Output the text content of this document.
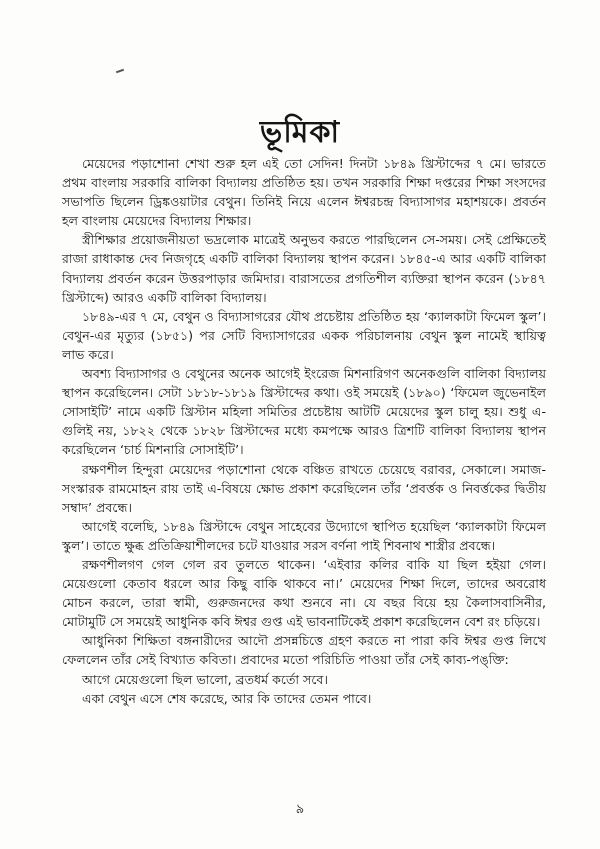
ভূমিকা

মেয়েদের পড়াশোনা শেখা শুরু হল এই তো সেদিন! দিনটা ১৮৪৯ খ্রিস্টাব্দের ৭ মে। ভারতে প্রথম বাংলায় সরকারি বালিকা বিদ্যালয় প্রতিষ্ঠিত হয়। তখন সরকারি শিক্ষা দপ্তরের শিক্ষা সংসদের সভাপতি ছিলেন ড্রিঙ্কওয়াটার বেথুন। তিনিই নিয়ে এলেন ঈশ্বরচন্দ্র বিদ্যাসাগর মহাশয়কে। প্রবর্তন হল বাংলায় মেয়েদের বিদ্যালয় শিক্ষার।

স্ত্রীশিক্ষার প্রয়োজনীয়তা ভদ্রলোক মাত্রেই অনুভব করতে পারছিলেন সে-সময়। সেই প্রেক্ষিতেই রাজা রাধাকান্ত দেব নিজগৃহে একটি বালিকা বিদ্যালয় স্থাপন করেন। ১৮৪৫-এ আর একটি বালিকা বিদ্যালয় প্রবর্তন করেন উত্তরপাড়ার জমিদার। বারাসতের প্রগতিশীল ব্যক্তিরা স্থাপন করেন (১৮৪৭ খ্রিস্টাব্দে) আরও একটি বালিকা বিদ্যালয়।

১৮৪৯-এর ৭ মে, বেথুন ও বিদ্যাসাগরের যৌথ প্রচেষ্টায় প্রতিষ্ঠিত হয় ‘ক্যালকাটা ফিমেল স্কুল’। বেথুন-এর মৃত্যুর (১৮৫১) পর সেটি বিদ্যাসাগরের একক পরিচালনায় বেথুন স্কুল নামেই স্থায়িত্ব লাভ করে।

অবশ্য বিদ্যাসাগর ও বেথুনের অনেক আগেই ইংরেজ মিশনারিগণ অনেকগুলি বালিকা বিদ্যালয় স্থাপন করেছিলেন। সেটা ১৮১৮-১৮১৯ খ্রিস্টাব্দের কথা। ওই সময়েই (১৮৯০) ‘ফিমেল জুভেনাইল সোসাইটি’ নামে একটি খ্রিস্টান মহিলা সমিতির প্রচেষ্টায় আটটি মেয়েদের স্কুল চালু হয়। শুধু এ-গুলিই নয়, ১৮২২ থেকে ১৮২৮ খ্রিস্টাব্দের মধ্যে কমপক্ষে আরও ত্রিশটি বালিকা বিদ্যালয় স্থাপন করেছিলেন ‘চার্চ মিশনারি সোসাইটি’।

রক্ষণশীল হিন্দুরা মেয়েদের পড়াশোনা থেকে বঞ্চিত রাখতে চেয়েছে বরাবর, সেকালে। সমাজ-সংস্কারক রামমোহন রায় তাই এ-বিষয়ে ক্ষোভ প্রকাশ করেছিলেন তাঁর ‘প্রবর্ত্তক ও নিবর্ত্তকের দ্বিতীয় সম্বাদ’ প্রবন্ধে।

আগেই বলেছি, ১৮৪৯ খ্রিস্টাব্দে বেথুন সাহেবের উদ্যোগে স্থাপিত হয়েছিল ‘ক্যালকাটা ফিমেল স্কুল’। তাতে ক্ষুব্ধ প্রতিক্রিয়াশীলদের চটে যাওয়ার সরস বর্ণনা পাই শিবনাথ শাস্ত্রীর প্রবন্ধে।

রক্ষণশীলগণ গেল গেল রব তুলতে থাকেন। ‘এইবার কলির বাকি যা ছিল হইয়া গেল। মেয়েগুলো কেতাব ধরলে আর কিছু বাকি থাকবে না।’ মেয়েদের শিক্ষা দিলে, তাদের অবরোধ মোচন করলে, তারা স্বামী, গুরুজনদের কথা শুনবে না। যে বছর বিয়ে হয় কৈলাসবাসিনীর, মোটামুটি সে সময়েই আধুনিক কবি ঈশ্বর গুপ্ত এই ভাবনাটিকেই প্রকাশ করেছিলেন বেশ রং চড়িয়ে।

আধুনিকা শিক্ষিতা বঙ্গনারীদের আদৌ প্রসন্নচিত্তে গ্রহণ করতে না পারা কবি ঈশ্বর গুপ্ত লিখে ফেললেন তাঁর সেই বিখ্যাত কবিতা। প্রবাদের মতো পরিচিতি পাওয়া তাঁর সেই কাব্য-পঙ্‌ক্তি:

আগে মেয়েগুলো ছিল ভালো, ব্রতধর্ম কর্তো সবে।

একা বেথুন এসে শেষ করেছে, আর কি তাদের তেমন পাবে।

৯
